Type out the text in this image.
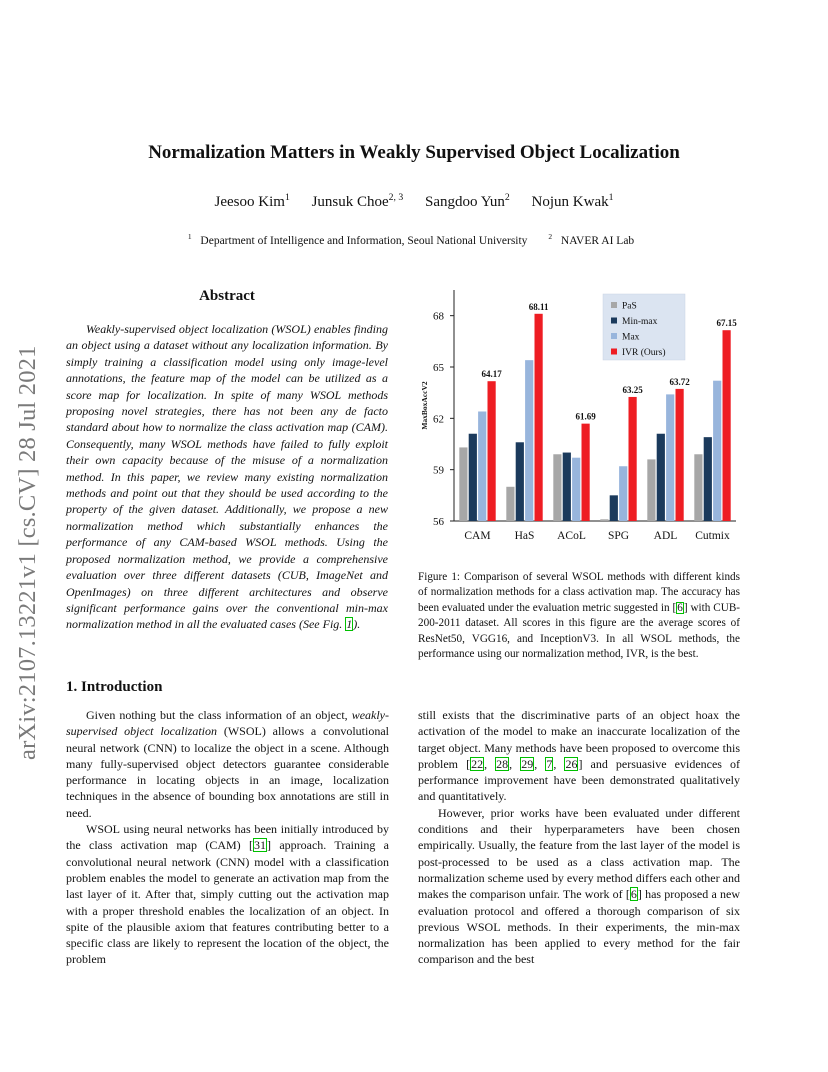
Normalization Matters in Weakly Supervised Object Localization
Jeesoo Kim$^1$ Junsuk Choe$^{2, 3}$ Sangdoo Yun$^2$ Nojun Kwak$^1$
$^1$ Department of Intelligence and Information, Seoul National University	$^2$ NAVER AI Lab
arXiv:2107.13221v1 [cs.CV] 28 Jul 2021
Abstract
Weakly-supervised object localization (WSOL) enables finding an object using a dataset without any localization information. By simply training a classification model using only image-level annotations, the feature map of the model can be utilized as a score map for localization. In spite of many WSOL methods proposing novel strategies, there has not been any de facto standard about how to normalize the class activation map (CAM). Consequently, many WSOL methods have failed to fully exploit their own capacity because of the misuse of a normalization method. In this paper, we review many existing normalization methods and point out that they should be used according to the property of the given dataset. Additionally, we propose a new normalization method which substantially enhances the performance of any CAM-based WSOL methods. Using the proposed normalization method, we provide a comprehensive evaluation over three different datasets (CUB, ImageNet and OpenImages) on three different architectures and observe significant performance gains over the conventional min-max normalization method in all the evaluated cases (See Fig. 1).
1. Introduction

Given nothing but the class information of an object, weakly-supervised object localization (WSOL) allows a convolutional neural network (CNN) to localize the object in a scene. Although many fully-supervised object detectors guarantee considerable performance in locating objects in an image, localization techniques in the absence of bounding box annotations are still in need.

WSOL using neural networks has been initially introduced by the class activation map (CAM) [31] approach. Training a convolutional neural network (CNN) model with a classification problem enables the model to generate an activation map from the last layer of it. After that, simply cutting out the activation map with a proper threshold enables the localization of an object. In spite of the plausible axiom that features contributing better to a specific class are likely to represent the location of the object, the problem

still exists that the discriminative parts of an object hoax the activation of the model to make an inaccurate localization of the target object. Many methods have been proposed to overcome this problem [22, 28, 29, 7, 26] and persuasive evidences of performance improvement have been demonstrated qualitatively and quantitatively.

However, prior works have been evaluated under different conditions and their hyperparameters have been chosen empirically. Usually, the feature from the last layer of the model is post-processed to be used as a class activation map. The normalization scheme used by every method differs each other and makes the comparison unfair. The work of [6] has proposed a new evaluation protocol and offered a thorough comparison of six previous WSOL methods. In their experiments, the min-max normalization has been applied to every method for the fair comparison and the best

56
59
62
65
68
MaxBoxAccV2
64.17
CAM
68.11
HaS
61.69
ACoL
63.25
SPG
63.72
ADL
67.15
Cutmix
PaS
Min-max
Max
IVR (Ours)
Figure 1: Comparison of several WSOL methods with different kinds of normalization methods for a class activation map. The accuracy has been evaluated under the evaluation metric suggested in [6] with CUB-200-2011 dataset. All scores in this figure are the average scores of ResNet50, VGG16, and InceptionV3. In all WSOL methods, the performance using our normalization method, IVR, is the best.
